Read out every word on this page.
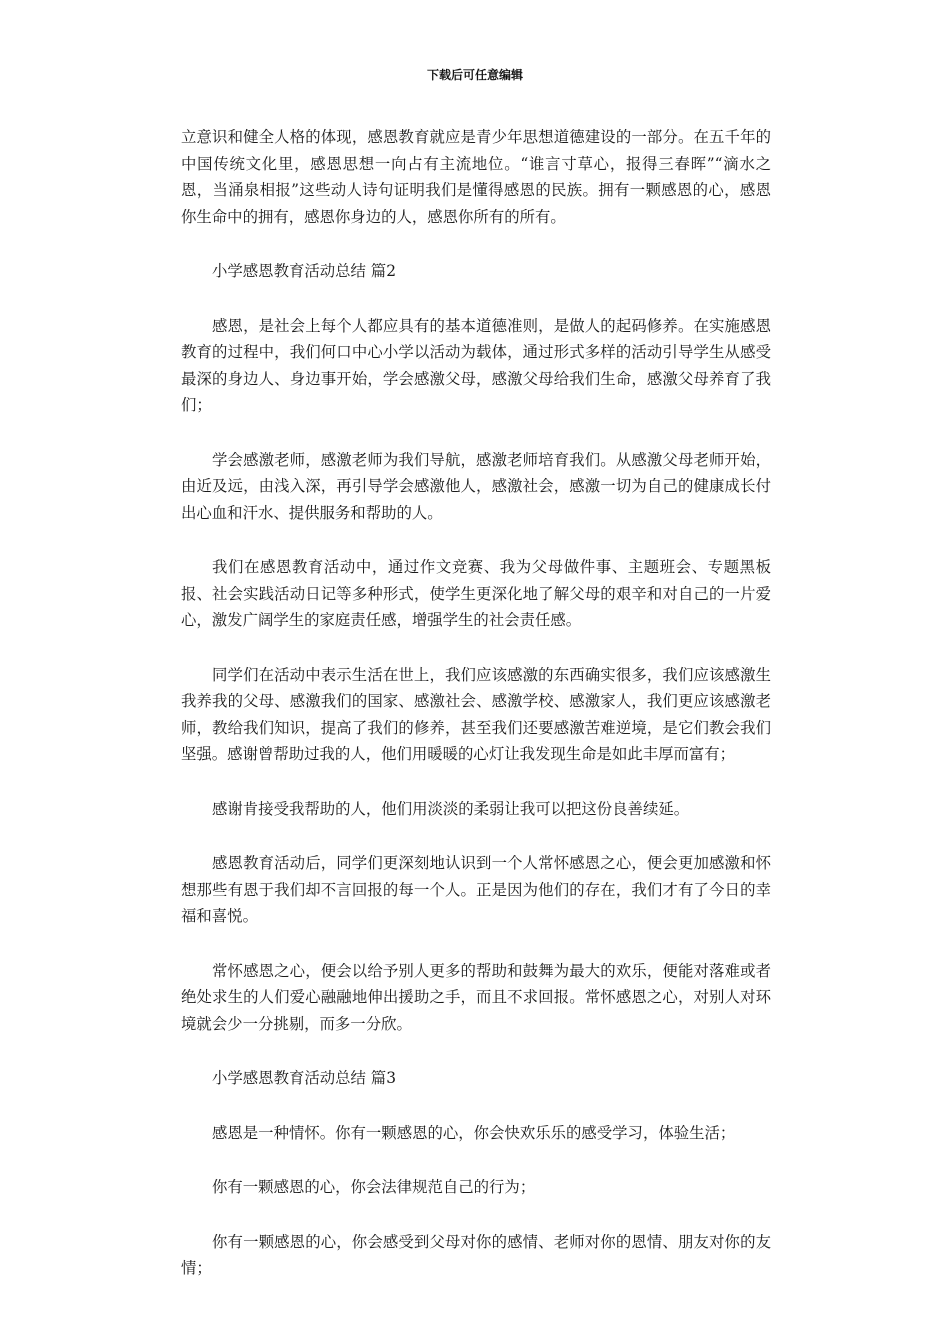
下载后可任意编辑

立意识和健全人格的体现，感恩教育就应是青少年思想道德建设的一部分。在五千年的中国传统文化里，感恩思想一向占有主流地位。“谁言寸草心，报得三春晖”“滴水之恩，当涌泉相报”这些动人诗句证明我们是懂得感恩的民族。拥有一颗感恩的心，感恩你生命中的拥有，感恩你身边的人，感恩你所有的所有。

小学感恩教育活动总结 篇2

感恩，是社会上每个人都应具有的基本道德准则，是做人的起码修养。在实施感恩教育的过程中，我们何口中心小学以活动为载体，通过形式多样的活动引导学生从感受最深的身边人、身边事开始，学会感激父母，感激父母给我们生命，感激父母养育了我们；

学会感激老师，感激老师为我们导航，感激老师培育我们。从感激父母老师开始，由近及远，由浅入深，再引导学会感激他人，感激社会，感激一切为自己的健康成长付出心血和汗水、提供服务和帮助的人。

我们在感恩教育活动中，通过作文竞赛、我为父母做件事、主题班会、专题黑板报、社会实践活动日记等多种形式，使学生更深化地了解父母的艰辛和对自己的一片爱心，激发广阔学生的家庭责任感，增强学生的社会责任感。

同学们在活动中表示生活在世上，我们应该感激的东西确实很多，我们应该感激生我养我的父母、感激我们的国家、感激社会、感激学校、感激家人，我们更应该感激老师，教给我们知识，提高了我们的修养，甚至我们还要感激苦难逆境，是它们教会我们坚强。感谢曾帮助过我的人，他们用暖暖的心灯让我发现生命是如此丰厚而富有；

感谢肯接受我帮助的人，他们用淡淡的柔弱让我可以把这份良善续延。

感恩教育活动后，同学们更深刻地认识到一个人常怀感恩之心，便会更加感激和怀想那些有恩于我们却不言回报的每一个人。正是因为他们的存在，我们才有了今日的幸福和喜悦。

常怀感恩之心，便会以给予别人更多的帮助和鼓舞为最大的欢乐，便能对落难或者绝处求生的人们爱心融融地伸出援助之手，而且不求回报。常怀感恩之心，对别人对环境就会少一分挑剔，而多一分欣。

小学感恩教育活动总结 篇3

感恩是一种情怀。你有一颗感恩的心，你会快欢乐乐的感受学习，体验生活；

你有一颗感恩的心，你会法律规范自己的行为；

你有一颗感恩的心，你会感受到父母对你的感情、老师对你的恩情、朋友对你的友情；
